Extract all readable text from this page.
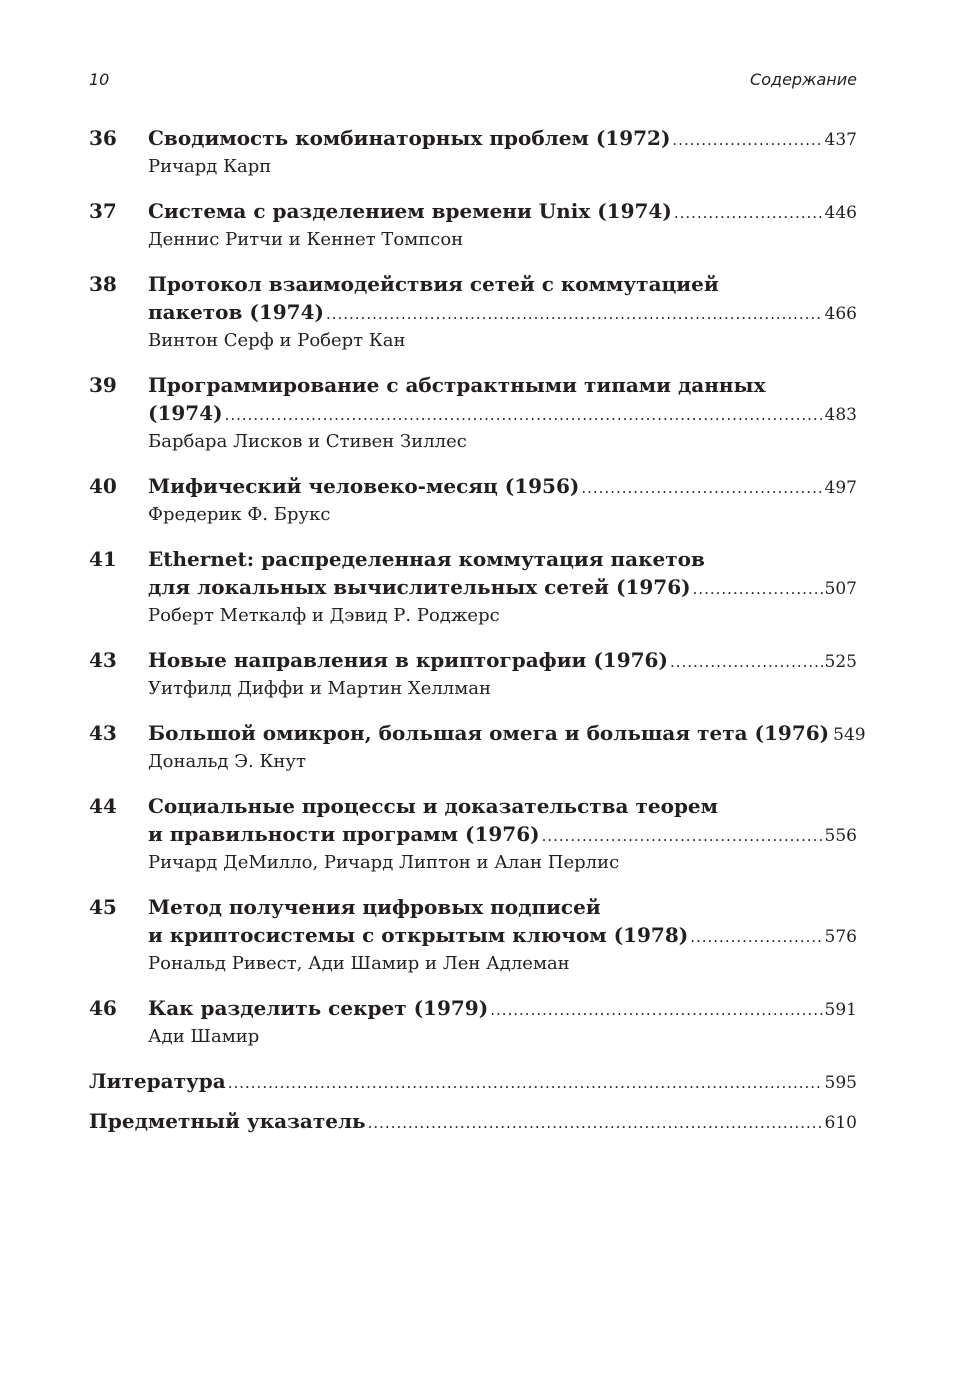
10	Содержание
36 Сводимость комбинаторных проблем (1972) .....	437
Ричард Карп
37 Система с разделением времени Unix (1974) .....	446
Деннис Ритчи и Кеннет Томпсон
38 Протокол взаимодействия сетей с коммутацией
пакетов (1974) .....	466
Винтон Серф и Роберт Кан
39 Программирование с абстрактными типами данных
(1974) .....	483
Барбара Лисков и Стивен Зиллес
40 Мифический человеко-месяц (1956) .....	497
Фредерик Ф. Брукс
41 Ethernet: распределенная коммутация пакетов
для локальных вычислительных сетей (1976) .....	507
Роберт Меткалф и Дэвид Р. Роджерс
43 Новые направления в криптографии (1976) .....	525
Уитфилд Диффи и Мартин Хеллман
43 Большой омикрон, большая омега и большая тета (1976) 549
Дональд Э. Кнут
44 Социальные процессы и доказательства теорем
и правильности программ (1976) .....	556
Ричард ДеМилло, Ричард Липтон и Алан Перлис
45 Метод получения цифровых подписей
и криптосистемы с открытым ключом (1978) .....	576
Рональд Ривест, Ади Шамир и Лен Адлеман
46 Как разделить секрет (1979) .....	591
Ади Шамир
Литература .....	595
Предметный указатель .....	610
